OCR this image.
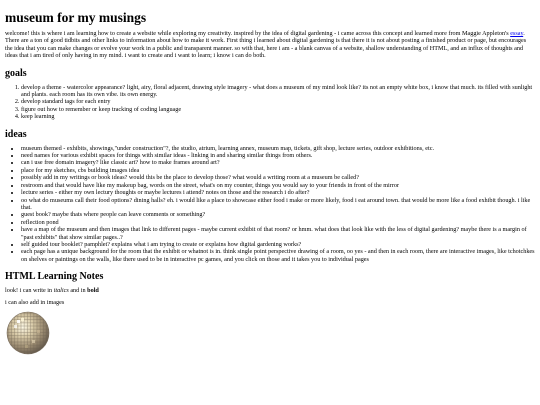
museum for my musings

welcome! this is where i am learning how to create a website while exploring my creativity. inspired by the idea of digital gardening - i came across this concept and learned more from Maggie Appleton's essay. There are a ton of good tidbits and other links to information about how to make it work. First thing i learned about digital gardening is that there it is not about posting a finished product or page, but encourages the idea that you can make changes or evolve your work in a public and transparent manner. so with that, here i am - a blank canvas of a website, shallow understanding of HTML, and an influx of thoughts and ideas that i am tired of only having in my mind. i want to create and i want to learn; i know i can do both.

goals
1. develop a theme - watercolor appearance? light, airy, floral adjacent, drawing style imagery - what does a museum of my mind look like? its not an empty white box, i know that much. its filled with sunlight and plants. each room has its own vibe. its own energy.
2. develop standard tags for each entry
3. figure out how to remember or keep tracking of coding language
4. keep learning
ideas
• museum themed - exhibits, showings,"under construction"?, the studio, atrium, learning annex, museum map, tickets, gift shop, lecture series, outdoor exhibitions, etc.
• need names for various exhibit spaces for things with similar ideas - linking in and sharing similar things from others.
• can i use free domain imagery? like classic art? how to make frames around art?
• place for my sketches, cbs building images idea
• possibly add in my writings or book ideas? would this be the place to develop those? what would a writing room at a museum be called?
• restroom and that would have like my makeup bag, words on the street, what's on my counter, things you would say to your friends in front of the mirror
• lecture series - either my own lectury thoughts or maybe lectures i attend? notes on those and the research i do after?
• oo what do museums call their food options? dining halls? eh. i would like a place to showcase either food i make or more likely, food i eat around town. that would be more like a food exhibit though. i like that.
• guest book? maybe thats where people can leave comments or something?
• reflection pond
• have a map of the museum and then images that link to different pages - maybe current exhibit of that room? or hmm. what does that look like with the less of digital gardening? maybe there is a margin of "past exhibits" that show similar pages..?
• self guided tour booklet? pamphlet? explains what i am trying to create or explains how digital gardening works?
• each page has a unique background for the room that the exhibit or whatnot is in. think single point perspective drawing of a room, oo yes - and then in each room, there are interactive images, like tchotchkes on shelves or paintings on the walls, like there used to be in interactive pc games, and you click on those and it takes you to individual pages
HTML Learning Notes

look! i can write in italics and in bold

i can also add in images
